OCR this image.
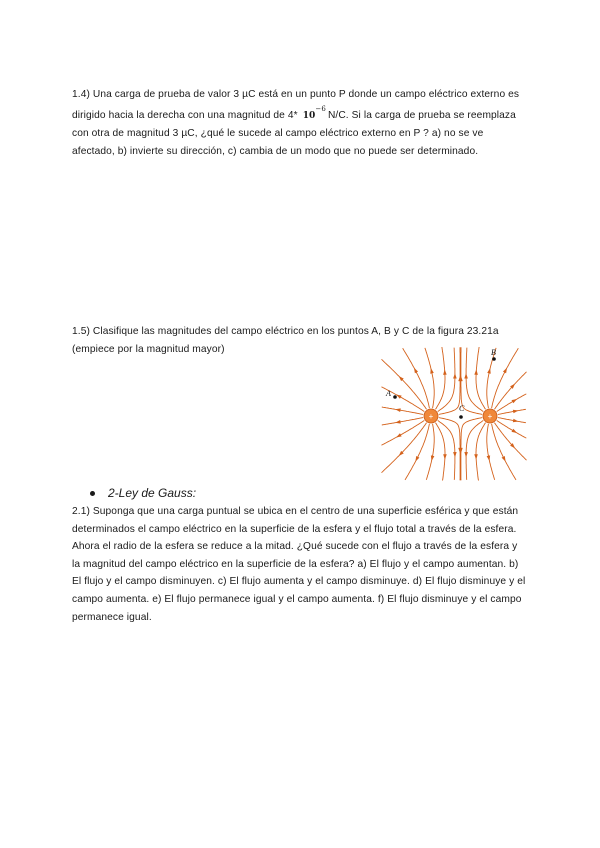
1.4) Una carga de prueba de valor 3 µC está en un punto P donde un campo eléctrico externo es dirigido hacia la derecha con una magnitud de 4* $10^{-6}N/C$. Si la carga de prueba se reemplaza con otra de magnitud 3 µC, ¿qué le sucede al campo eléctrico externo en P ? a) no se ve afectado, b) invierte su dirección, c) cambia de un modo que no puede ser determinado.
1.5) Clasifique las magnitudes del campo eléctrico en los puntos A, B y C de la figura 23.21a (empiece por la magnitud mayor)
+	+
A
B
C
2-Ley de Gauss:
2.1) Suponga que una carga puntual se ubica en el centro de una superficie esférica y que están determinados el campo eléctrico en la superficie de la esfera y el flujo total a través de la esfera. Ahora el radio de la esfera se reduce a la mitad. ¿Qué sucede con el flujo a través de la esfera y la magnitud del campo eléctrico en la superficie de la esfera? a) El flujo y el campo aumentan. b) El flujo y el campo disminuyen. c) El flujo aumenta y el campo disminuye. d) El flujo disminuye y el campo aumenta. e) El flujo permanece igual y el campo aumenta. f) El flujo disminuye y el campo permanece igual.
